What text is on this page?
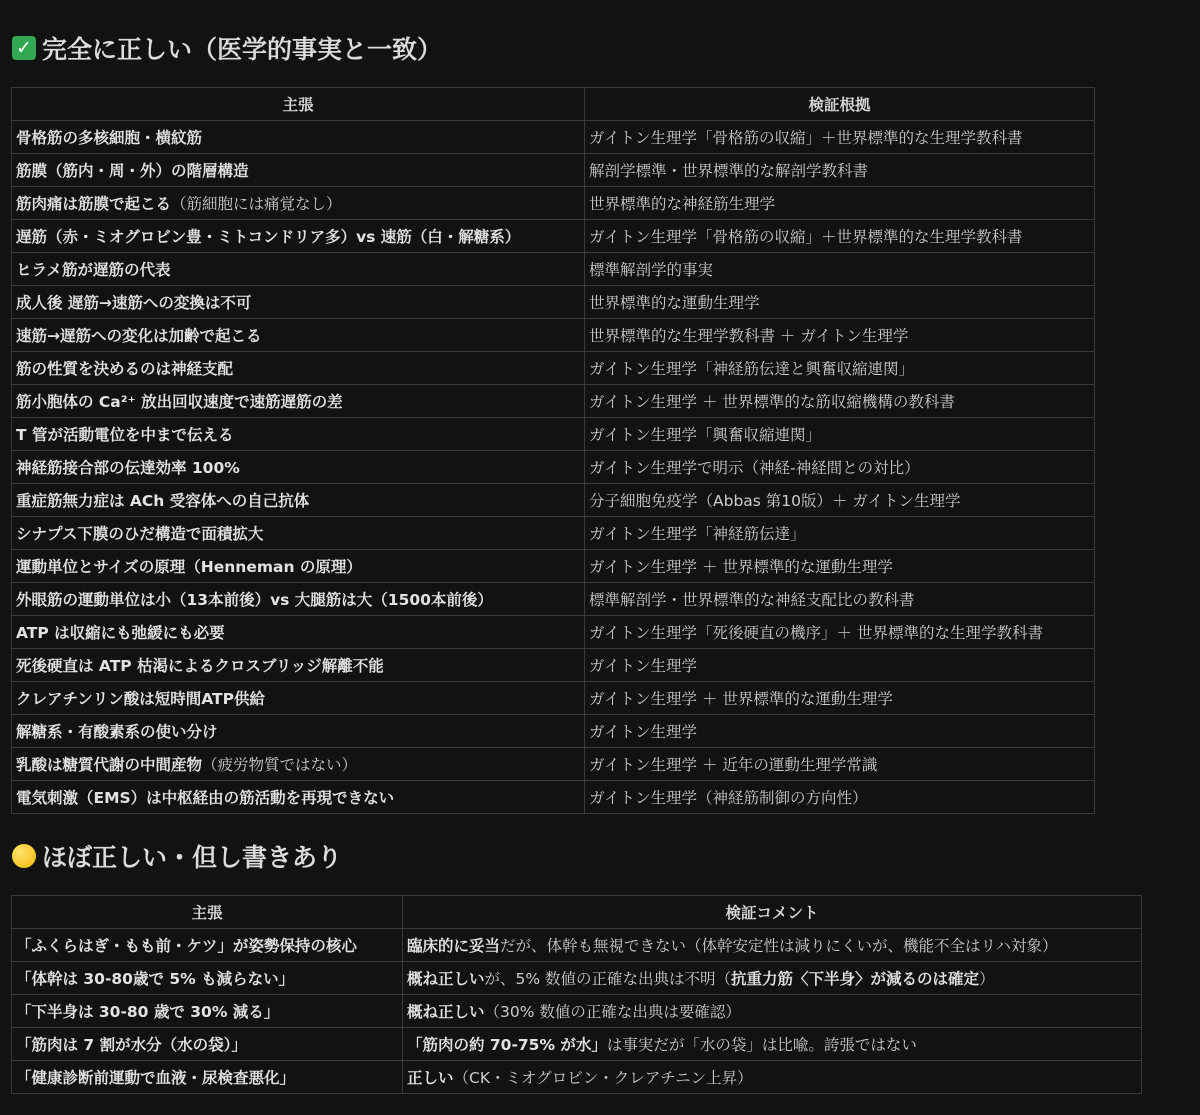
✓ 完全に正しい（医学的事実と一致）
主張	検証根拠
骨格筋の多核細胞・横紋筋	ガイトン生理学「骨格筋の収縮」＋世界標準的な生理学教科書
筋膜（筋内・周・外）の階層構造	解剖学標準・世界標準的な解剖学教科書
筋肉痛は筋膜で起こる（筋細胞には痛覚なし）	世界標準的な神経筋生理学
遅筋（赤・ミオグロビン豊・ミトコンドリア多）vs 速筋（白・解糖系）	ガイトン生理学「骨格筋の収縮」＋世界標準的な生理学教科書
ヒラメ筋が遅筋の代表	標準解剖学的事実
成人後 遅筋→速筋への変換は不可	世界標準的な運動生理学
速筋→遅筋への変化は加齢で起こる	世界標準的な生理学教科書 ＋ ガイトン生理学
筋の性質を決めるのは神経支配	ガイトン生理学「神経筋伝達と興奮収縮連関」
筋小胞体の Ca²⁺ 放出回収速度で速筋遅筋の差	ガイトン生理学 ＋ 世界標準的な筋収縮機構の教科書
T 管が活動電位を中まで伝える	ガイトン生理学「興奮収縮連関」
神経筋接合部の伝達効率 100%	ガイトン生理学で明示（神経-神経間との対比）
重症筋無力症は ACh 受容体への自己抗体	分子細胞免疫学（Abbas 第10版）＋ ガイトン生理学
シナプス下膜のひだ構造で面積拡大	ガイトン生理学「神経筋伝達」
運動単位とサイズの原理（Henneman の原理）	ガイトン生理学 ＋ 世界標準的な運動生理学
外眼筋の運動単位は小（13本前後）vs 大腿筋は大（1500本前後）	標準解剖学・世界標準的な神経支配比の教科書
ATP は収縮にも弛緩にも必要	ガイトン生理学「死後硬直の機序」＋ 世界標準的な生理学教科書
死後硬直は ATP 枯渇によるクロスブリッジ解離不能	ガイトン生理学
クレアチンリン酸は短時間ATP供給	ガイトン生理学 ＋ 世界標準的な運動生理学
解糖系・有酸素系の使い分け	ガイトン生理学
乳酸は糖質代謝の中間産物（疲労物質ではない）	ガイトン生理学 ＋ 近年の運動生理学常識
電気刺激（EMS）は中枢経由の筋活動を再現できない	ガイトン生理学（神経筋制御の方向性）
ほぼ正しい・但し書きあり
主張	検証コメント
「ふくらはぎ・もも前・ケツ」が姿勢保持の核心	臨床的に妥当だが、体幹も無視できない（体幹安定性は減りにくいが、機能不全はリハ対象）
「体幹は 30-80歳で 5% も減らない」	概ね正しいが、5% 数値の正確な出典は不明（抗重力筋〈下半身〉が減るのは確定）
「下半身は 30-80 歳で 30% 減る」	概ね正しい（30% 数値の正確な出典は要確認）
「筋肉は 7 割が水分（水の袋）」	「筋肉の約 70-75% が水」は事実だが「水の袋」は比喩。誇張ではない
「健康診断前運動で血液・尿検査悪化」	正しい（CK・ミオグロビン・クレアチニン上昇）
